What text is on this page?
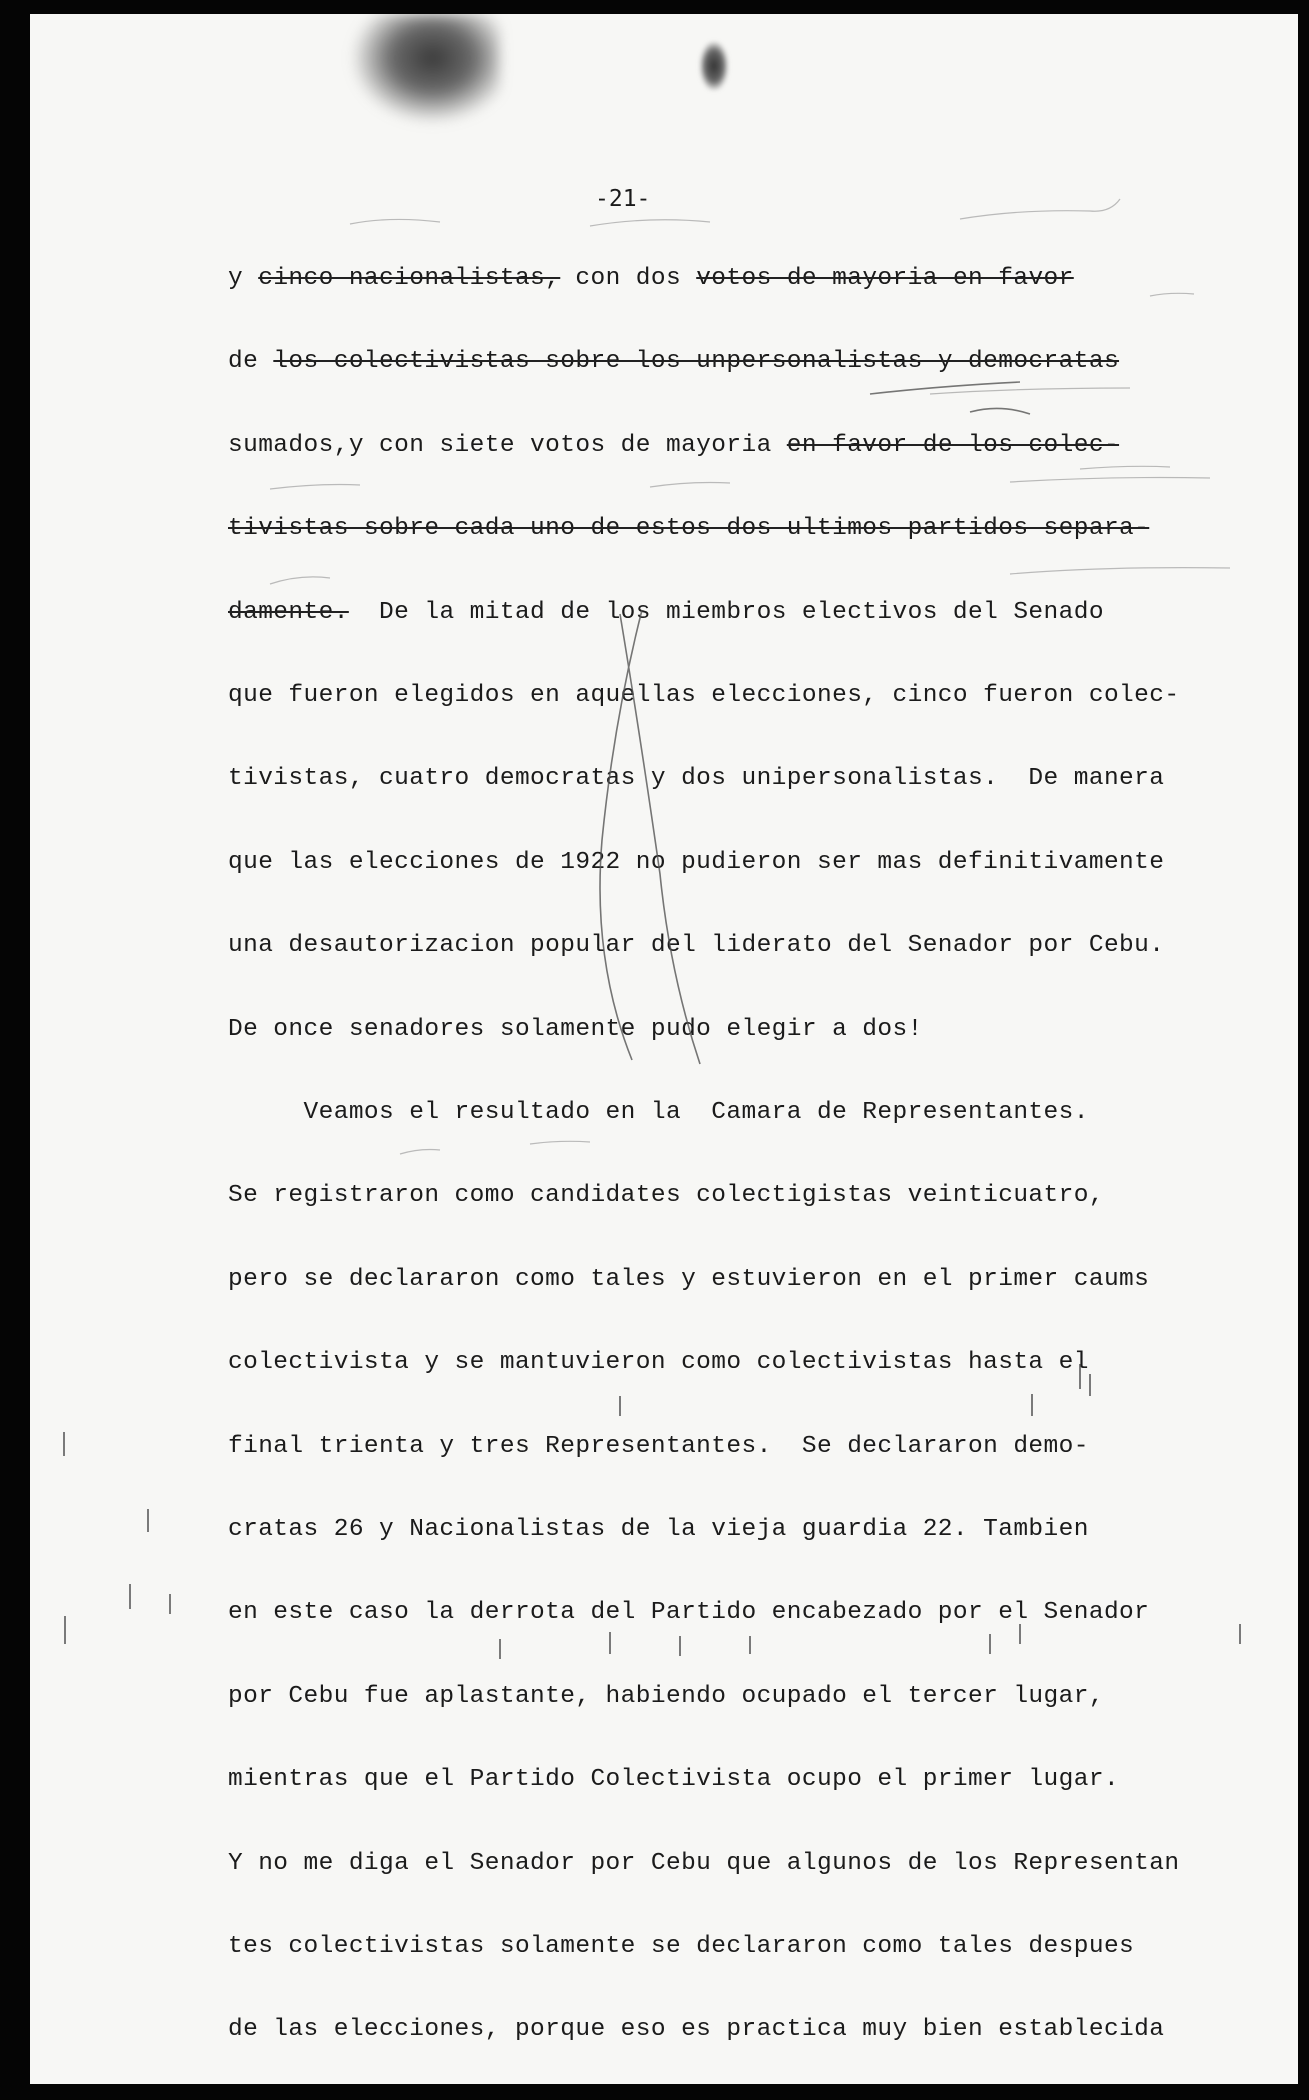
-21-
y cinco nacionalistas, con dos votos de mayoria en favor
de los colectivistas sobre los unpersonalistas y democratas
sumados,y con siete votos de mayoria en favor de los colec-
tivistas sobre cada uno de estos dos ultimos partidos separa-
damente.  De la mitad de los miembros electivos del Senado
que fueron elegidos en aquellas elecciones, cinco fueron colec-
tivistas, cuatro democratas y dos unipersonalistas.  De manera
que las elecciones de 1922 no pudieron ser mas definitivamente
una desautorizacion popular del liderato del Senador por Cebu.
De once senadores solamente pudo elegir a dos!
Veamos el resultado en la  Camara de Representantes.
Se registraron como candidates colectigistas veinticuatro,
pero se declararon como tales y estuvieron en el primer caums
colectivista y se mantuvieron como colectivistas hasta el
final trienta y tres Representantes.  Se declararon demo-
cratas 26 y Nacionalistas de la vieja guardia 22. Tambien
en este caso la derrota del Partido encabezado por el Senador
por Cebu fue aplastante, habiendo ocupado el tercer lugar,
mientras que el Partido Colectivista ocupo el primer lugar.
Y no me diga el Senador por Cebu que algunos de los Representan
tes colectivistas solamente se declararon como tales despues
de las elecciones, porque eso es practica muy bien establecida
